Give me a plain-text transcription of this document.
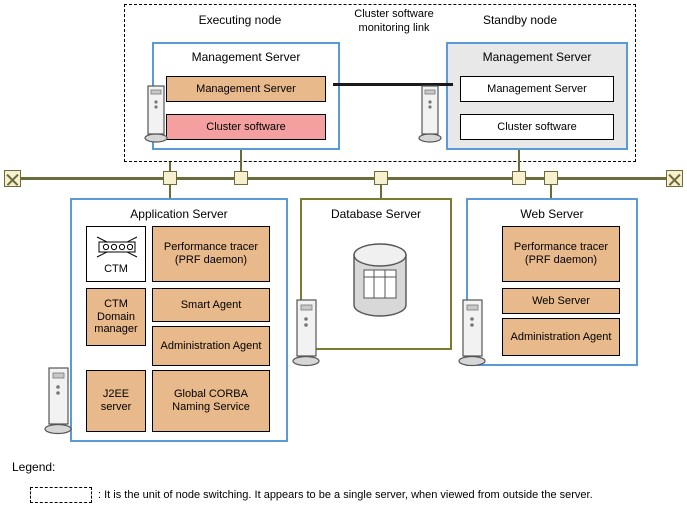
Executing node	Standby node
Management Server
Management Server
Cluster software
Management Server
Management Server
Cluster software
Cluster software monitoring link
Application Server
CTM
Performance tracer (PRF daemon)
CTM Domain manager
Smart Agent
Administration Agent
J2EE server
Global CORBA Naming Service
Database Server	Web Server
Performance tracer (PRF daemon)
Web Server
Administration Agent
Legend:
: It is the unit of node switching. It appears to be a single server, when viewed from outside the server.
